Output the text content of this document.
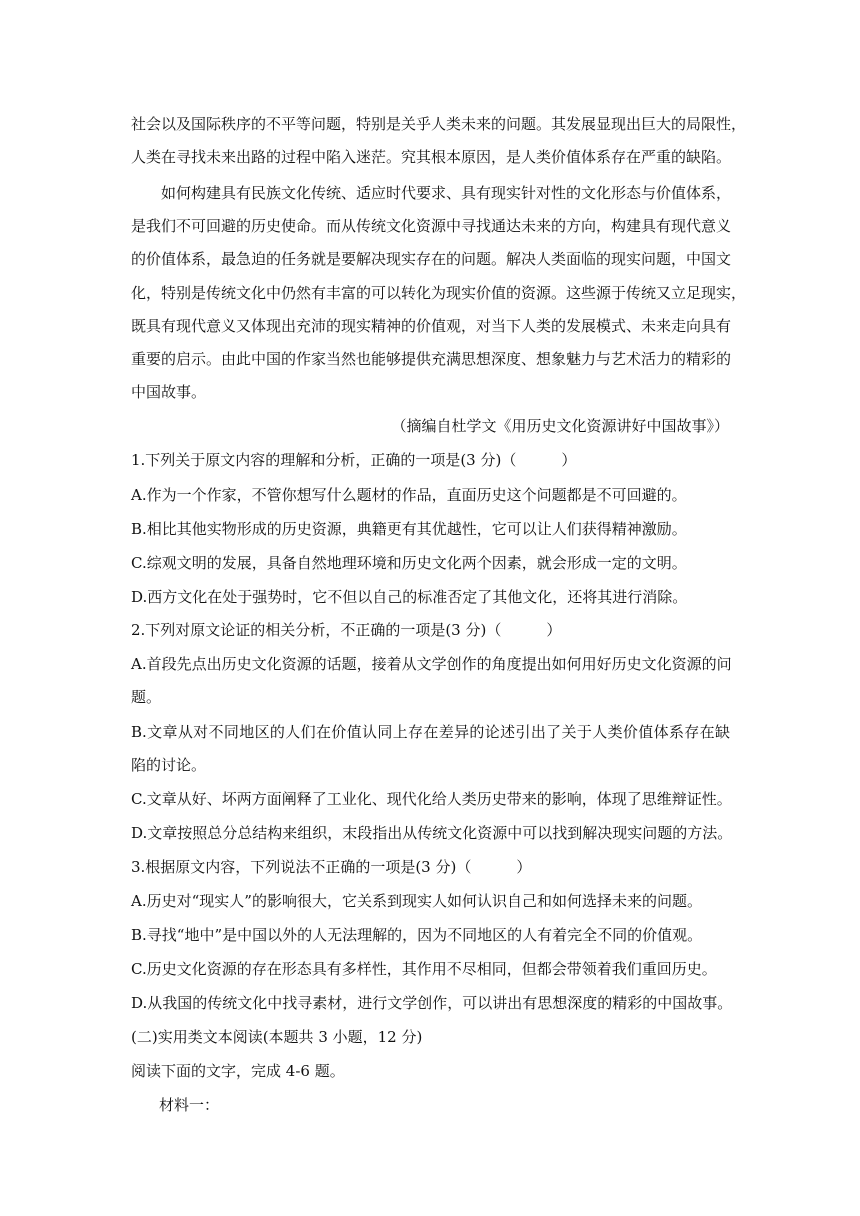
社会以及国际秩序的不平等问题，特别是关乎人类未来的问题。其发展显现出巨大的局限性，
人类在寻找未来出路的过程中陷入迷茫。究其根本原因，是人类价值体系存在严重的缺陷。
如何构建具有民族文化传统、适应时代要求、具有现实针对性的文化形态与价值体系，
是我们不可回避的历史使命。而从传统文化资源中寻找通达未来的方向，构建具有现代意义
的价值体系，最急迫的任务就是要解决现实存在的问题。解决人类面临的现实问题，中国文
化，特别是传统文化中仍然有丰富的可以转化为现实价值的资源。这些源于传统又立足现实，
既具有现代意义又体现出充沛的现实精神的价值观，对当下人类的发展模式、未来走向具有
重要的启示。由此中国的作家当然也能够提供充满思想深度、想象魅力与艺术活力的精彩的
中国故事。
（摘编自杜学文《用历史文化资源讲好中国故事》）
1.下列关于原文内容的理解和分析，正确的一项是(3 分)（　　　）
A.作为一个作家，不管你想写什么题材的作品，直面历史这个问题都是不可回避的。
B.相比其他实物形成的历史资源，典籍更有其优越性，它可以让人们获得精神激励。
C.综观文明的发展，具备自然地理环境和历史文化两个因素，就会形成一定的文明。
D.西方文化在处于强势时，它不但以自己的标准否定了其他文化，还将其进行消除。
2.下列对原文论证的相关分析，不正确的一项是(3 分)（　　　）
A.首段先点出历史文化资源的话题，接着从文学创作的角度提出如何用好历史文化资源的问
题。
B.文章从对不同地区的人们在价值认同上存在差异的论述引出了关于人类价值体系存在缺
陷的讨论。
C.文章从好、坏两方面阐释了工业化、现代化给人类历史带来的影响，体现了思维辩证性。
D.文章按照总分总结构来组织，末段指出从传统文化资源中可以找到解决现实问题的方法。
3.根据原文内容，下列说法不正确的一项是(3 分)（　　　）
A.历史对“现实人”的影响很大，它关系到现实人如何认识自己和如何选择未来的问题。
B.寻找“地中”是中国以外的人无法理解的，因为不同地区的人有着完全不同的价值观。
C.历史文化资源的存在形态具有多样性，其作用不尽相同，但都会带领着我们重回历史。
D.从我国的传统文化中找寻素材，进行文学创作，可以讲出有思想深度的精彩的中国故事。
(二)实用类文本阅读(本题共 3 小题，12 分)
阅读下面的文字，完成 4-6 题。
材料一：
